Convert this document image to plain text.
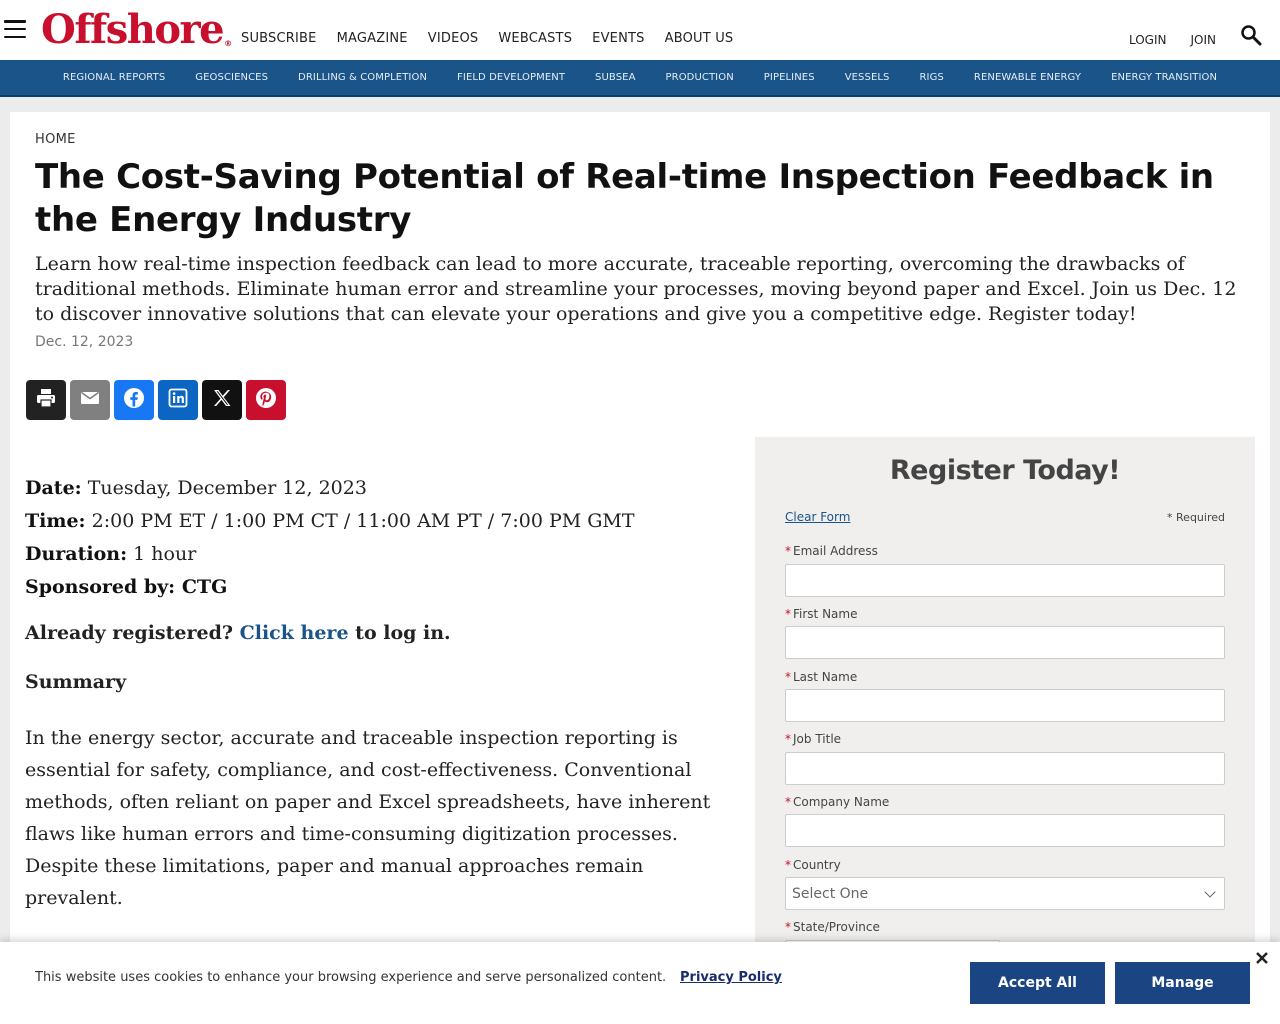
Offshore® SUBSCRIBE MAGAZINE VIDEOS WEBCASTS EVENTS ABOUT US	LOGIN JOIN
REGIONAL REPORTS	GEOSCIENCES	DRILLING & COMPLETION	FIELD DEVELOPMENT	SUBSEA	PRODUCTION	PIPELINES	VESSELS	RIGS	RENEWABLE ENERGY	ENERGY TRANSITION
HOME
The Cost-Saving Potential of Real-time Inspection Feedback in the Energy Industry

Learn how real-time inspection feedback can lead to more accurate, traceable reporting, overcoming the drawbacks of traditional methods. Eliminate human error and streamline your processes, moving beyond paper and Excel. Join us Dec. 12 to discover innovative solutions that can elevate your operations and give you a competitive edge. Register today!

Dec. 12, 2023
Date: Tuesday, December 12, 2023
Time: 2:00 PM ET / 1:00 PM CT / 11:00 AM PT / 7:00 PM GMT
Duration: 1 hour
Sponsored by: CTG
Already registered? Click here to log in.
Summary

In the energy sector, accurate and traceable inspection reporting is essential for safety, compliance, and cost-effectiveness. Conventional methods, often reliant on paper and Excel spreadsheets, have inherent flaws like human errors and time-consuming digitization processes. Despite these limitations, paper and manual approaches remain prevalent.

Register Today!
Clear Form	* Required
* Email Address
* First Name
* Last Name
* Job Title
* Company Name
* Country
Select One
* State/Province
This website uses cookies to enhance your browsing experience and serve personalized content. Privacy Policy	Accept All	Manage
